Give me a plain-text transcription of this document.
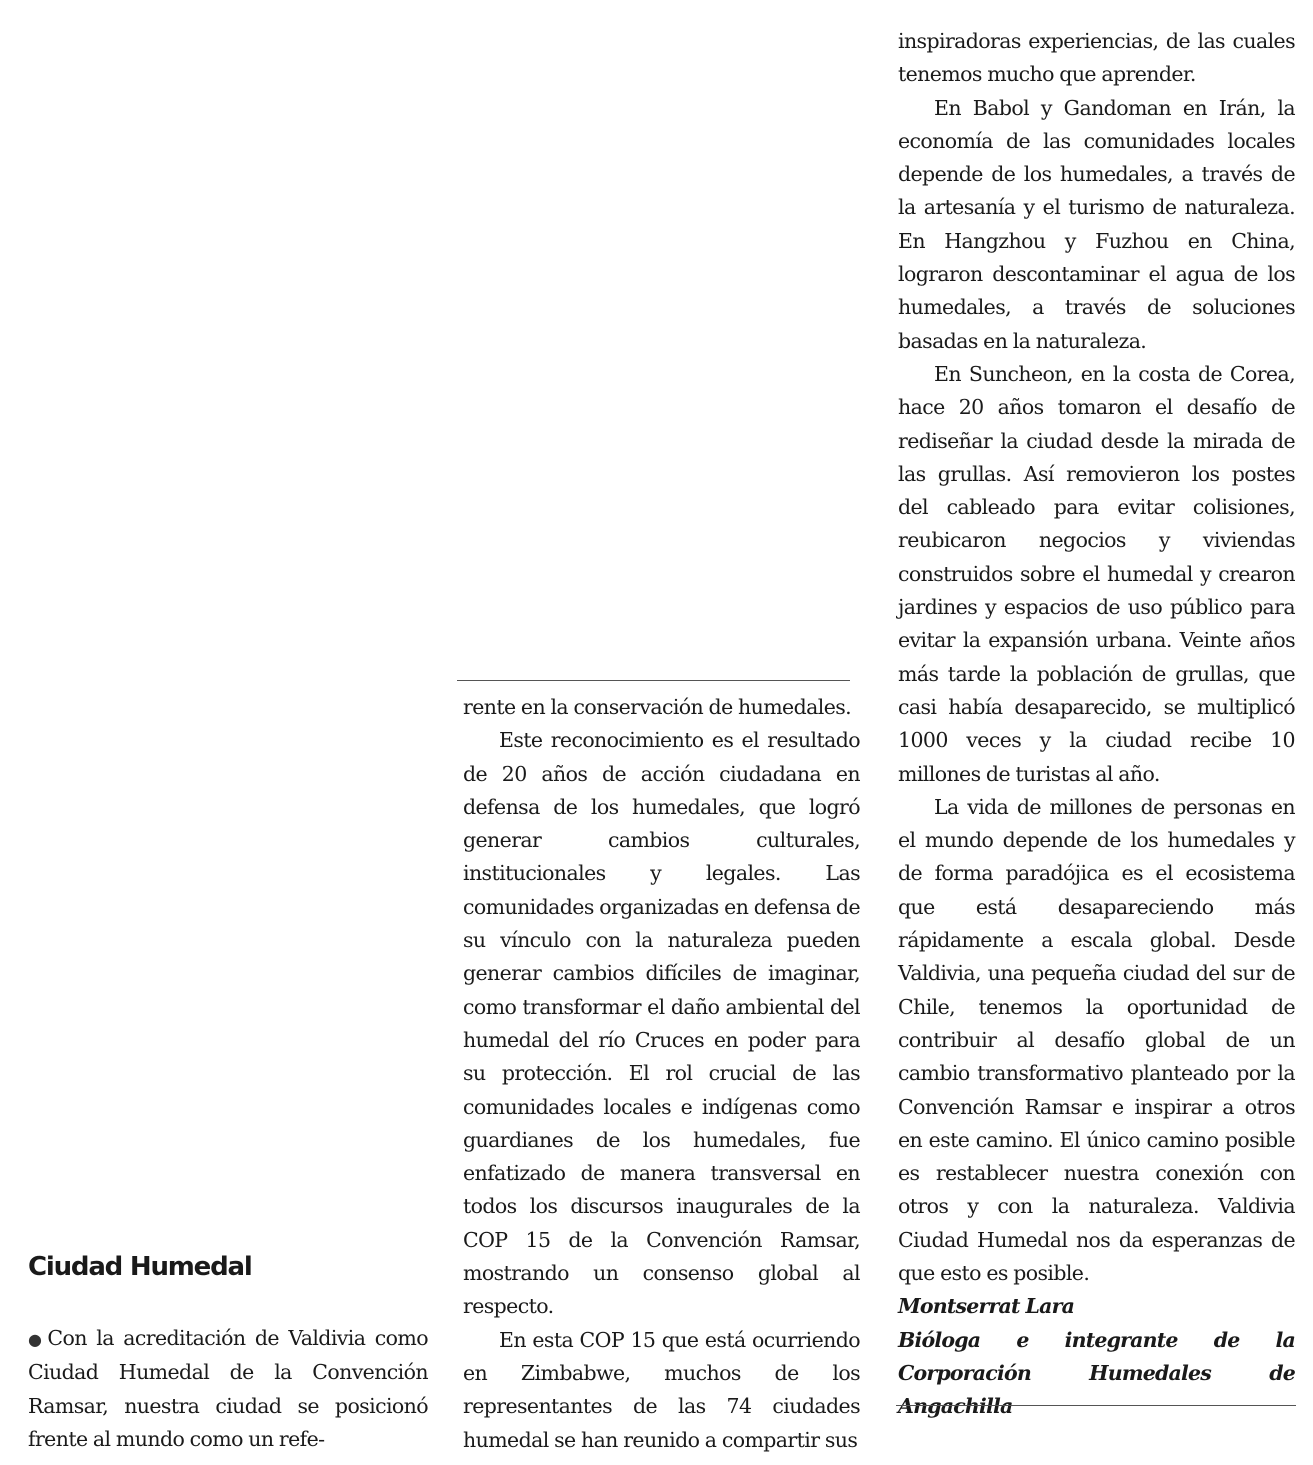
Ciudad Humedal

●Con la acreditación de Valdivia como Ciudad Humedal de la Convención Ramsar, nuestra ciudad se posicionó frente al mundo como un refe-

rente en la conservación de humedales.

Este reconocimiento es el resultado de 20 años de acción ciudadana en defensa de los humedales, que logró generar cambios culturales, institucionales y legales. Las comunidades organizadas en defensa de su vínculo con la naturaleza pueden generar cambios difíciles de imaginar, como transformar el daño ambiental del humedal del río Cruces en poder para su protección. El rol crucial de las comunidades locales e indígenas como guardianes de los humedales, fue enfatizado de manera transversal en todos los discursos inaugurales de la COP 15 de la Convención Ramsar, mostrando un consenso global al respecto.

En esta COP 15 que está ocurriendo en Zimbabwe, muchos de los representantes de las 74 ciudades humedal se han reunido a compartir sus

inspiradoras experiencias, de las cuales tenemos mucho que aprender.

En Babol y Gandoman en Irán, la economía de las comunidades locales depende de los humedales, a través de la artesanía y el turismo de naturaleza. En Hangzhou y Fuzhou en China, lograron descontaminar el agua de los humedales, a través de soluciones basadas en la naturaleza.

En Suncheon, en la costa de Corea, hace 20 años tomaron el desafío de rediseñar la ciudad desde la mirada de las grullas. Así removieron los postes del cableado para evitar colisiones, reubicaron negocios y viviendas construidos sobre el humedal y crearon jardines y espacios de uso público para evitar la expansión urbana. Veinte años más tarde la población de grullas, que casi había desaparecido, se multiplicó 1000 veces y la ciudad recibe 10 millones de turistas al año.

La vida de millones de personas en el mundo depende de los humedales y de forma paradójica es el ecosistema que está desapareciendo más rápidamente a escala global. Desde Valdivia, una pequeña ciudad del sur de Chile, tenemos la oportunidad de contribuir al desafío global de un cambio transformativo planteado por la Convención Ramsar e inspirar a otros en este camino. El único camino posible es restablecer nuestra conexión con otros y con la naturaleza. Valdivia Ciudad Humedal nos da esperanzas de que esto es posible.

Montserrat Lara

Bióloga e integrante de la Corporación Humedales de Angachilla
